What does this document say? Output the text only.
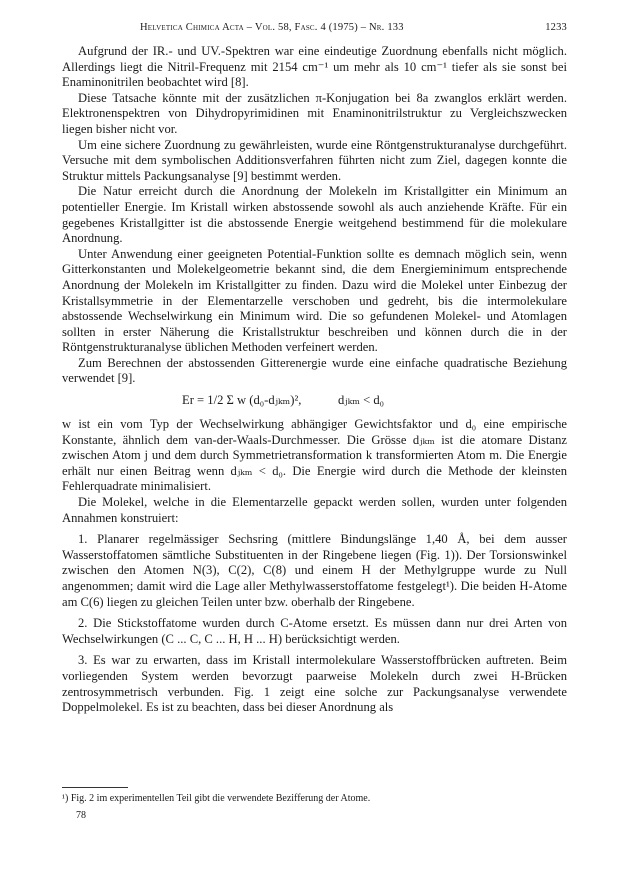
Helvetica Chimica Acta – Vol. 58, Fasc. 4 (1975) – Nr. 133	1233

Aufgrund der IR.- und UV.-Spektren war eine eindeutige Zuordnung ebenfalls nicht möglich. Allerdings liegt die Nitril-Frequenz mit 2154 cm⁻¹ um mehr als 10 cm⁻¹ tiefer als sie sonst bei Enaminonitrilen beobachtet wird [8].

Diese Tatsache könnte mit der zusätzlichen π-Konjugation bei 8a zwanglos erklärt werden. Elektronenspektren von Dihydropyrimidinen mit Enaminonitrilstruktur zu Vergleichszwecken liegen bisher nicht vor.

Um eine sichere Zuordnung zu gewährleisten, wurde eine Röntgenstrukturanalyse durchgeführt. Versuche mit dem symbolischen Additionsverfahren führten nicht zum Ziel, dagegen konnte die Struktur mittels Packungsanalyse [9] bestimmt werden.

Die Natur erreicht durch die Anordnung der Molekeln im Kristallgitter ein Minimum an potentieller Energie. Im Kristall wirken abstossende sowohl als auch anziehende Kräfte. Für ein gegebenes Kristallgitter ist die abstossende Energie weitgehend bestimmend für die molekulare Anordnung.

Unter Anwendung einer geeigneten Potential-Funktion sollte es demnach möglich sein, wenn Gitterkonstanten und Molekelgeometrie bekannt sind, die dem Energieminimum entsprechende Anordnung der Molekeln im Kristallgitter zu finden. Dazu wird die Molekel unter Einbezug der Kristallsymmetrie in der Elementarzelle verschoben und gedreht, bis die intermolekulare abstossende Wechselwirkung ein Minimum wird. Die so gefundenen Molekel- und Atomlagen sollten in erster Näherung die Kristallstruktur beschreiben und können durch die in der Röntgenstrukturanalyse üblichen Methoden verfeinert werden.

Zum Berechnen der abstossenden Gitterenergie wurde eine einfache quadratische Beziehung verwendet [9].

Er = 1/2 Σ w (d₀-dⱼₖₘ)²,	dⱼₖₘ < d₀

w ist ein vom Typ der Wechselwirkung abhängiger Gewichtsfaktor und d₀ eine empirische Konstante, ähnlich dem van-der-Waals-Durchmesser. Die Grösse dⱼₖₘ ist die atomare Distanz zwischen Atom j und dem durch Symmetrietransformation k transformierten Atom m. Die Energie erhält nur einen Beitrag wenn dⱼₖₘ < d₀. Die Energie wird durch die Methode der kleinsten Fehlerquadrate minimalisiert.

Die Molekel, welche in die Elementarzelle gepackt werden sollen, wurden unter folgenden Annahmen konstruiert:

1. Planarer regelmässiger Sechsring (mittlere Bindungslänge 1,40 Å, bei dem ausser Wasserstoffatomen sämtliche Substituenten in der Ringebene liegen (Fig. 1)). Der Torsionswinkel zwischen den Atomen N(3), C(2), C(8) und einem H der Methylgruppe wurde zu Null angenommen; damit wird die Lage aller Methylwasserstoffatome festgelegt¹). Die beiden H-Atome am C(6) liegen zu gleichen Teilen unter bzw. oberhalb der Ringebene.

2. Die Stickstoffatome wurden durch C-Atome ersetzt. Es müssen dann nur drei Arten von Wechselwirkungen (C ... C, C ... H, H ... H) berücksichtigt werden.

3. Es war zu erwarten, dass im Kristall intermolekulare Wasserstoffbrücken auftreten. Beim vorliegenden System werden bevorzugt paarweise Molekeln durch zwei H-Brücken zentrosymmetrisch verbunden. Fig. 1 zeigt eine solche zur Packungsanalyse verwendete Doppelmolekel. Es ist zu beachten, dass bei dieser Anordnung als

¹) Fig. 2 im experimentellen Teil gibt die verwendete Bezifferung der Atome.
78
